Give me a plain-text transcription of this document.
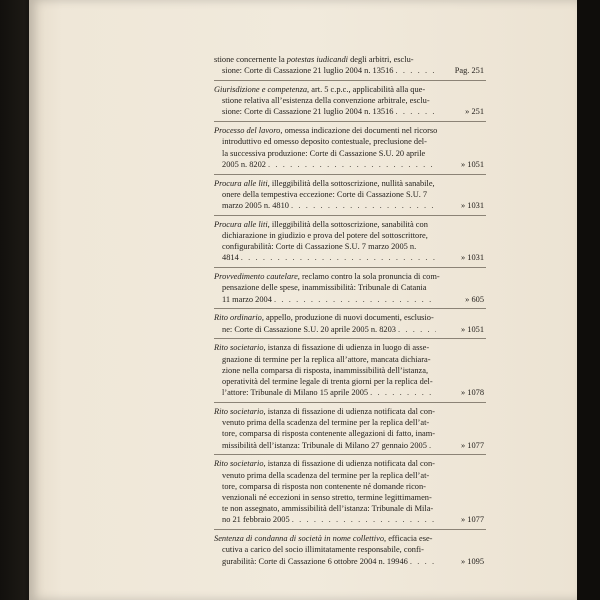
stione concernente la potestas iudicandi degli arbitri, esclu-
sione: Corte di Cassazione 21 luglio 2004 n. 13516 . . .	Pag. 251
Giurisdizione e competenza, art. 5 c.p.c., applicabilità alla que-
stione relativa all’esistenza della convenzione arbitrale, esclu-
sione: Corte di Cassazione 21 luglio 2004 n. 13516 . . .	» 251
Processo del lavoro, omessa indicazione dei documenti nel ricorso
introduttivo ed omesso deposito contestuale, preclusione del-
la successiva produzione: Corte di Cassazione S.U. 20 aprile
2005 n. 8202 . . .	» 1051
Procura alle liti, illeggibilità della sottoscrizione, nullità sanabile,
onere della tempestiva eccezione: Corte di Cassazione S.U. 7
marzo 2005 n. 4810 . . .	» 1031
Procura alle liti, illeggibilità della sottoscrizione, sanabilità con
dichiarazione in giudizio e prova del potere del sottoscrittore,
configurabilità: Corte di Cassazione S.U. 7 marzo 2005 n.
4814 . . .	» 1031
Provvedimento cautelare, reclamo contro la sola pronuncia di com-
pensazione delle spese, inammissibilità: Tribunale di Catania
11 marzo 2004 . . .	» 605
Rito ordinario, appello, produzione di nuovi documenti, esclusio-
ne: Corte di Cassazione S.U. 20 aprile 2005 n. 8203 . . .	» 1051
Rito societario, istanza di fissazione di udienza in luogo di asse-
gnazione di termine per la replica all’attore, mancata dichiara-
zione nella comparsa di risposta, inammissibilità dell’istanza,
operatività del termine legale di trenta giorni per la replica del-
l’attore: Tribunale di Milano 15 aprile 2005 . . .	» 1078
Rito societario, istanza di fissazione di udienza notificata dal con-
venuto prima della scadenza del termine per la replica dell’at-
tore, comparsa di risposta contenente allegazioni di fatto, inam-
missibilità dell’istanza: Tribunale di Milano 27 gennaio 2005 . . .	» 1077
Rito societario, istanza di fissazione di udienza notificata dal con-
venuto prima della scadenza del termine per la replica dell’at-
tore, comparsa di risposta non contenente né domande ricon-
venzionali né eccezioni in senso stretto, termine legittimamen-
te non assegnato, ammissibilità dell’istanza: Tribunale di Mila-
no 21 febbraio 2005 . . .	» 1077
Sentenza di condanna di società in nome collettivo, efficacia ese-
cutiva a carico del socio illimitatamente responsabile, confi-
gurabilità: Corte di Cassazione 6 ottobre 2004 n. 19946 . . .	» 1095
